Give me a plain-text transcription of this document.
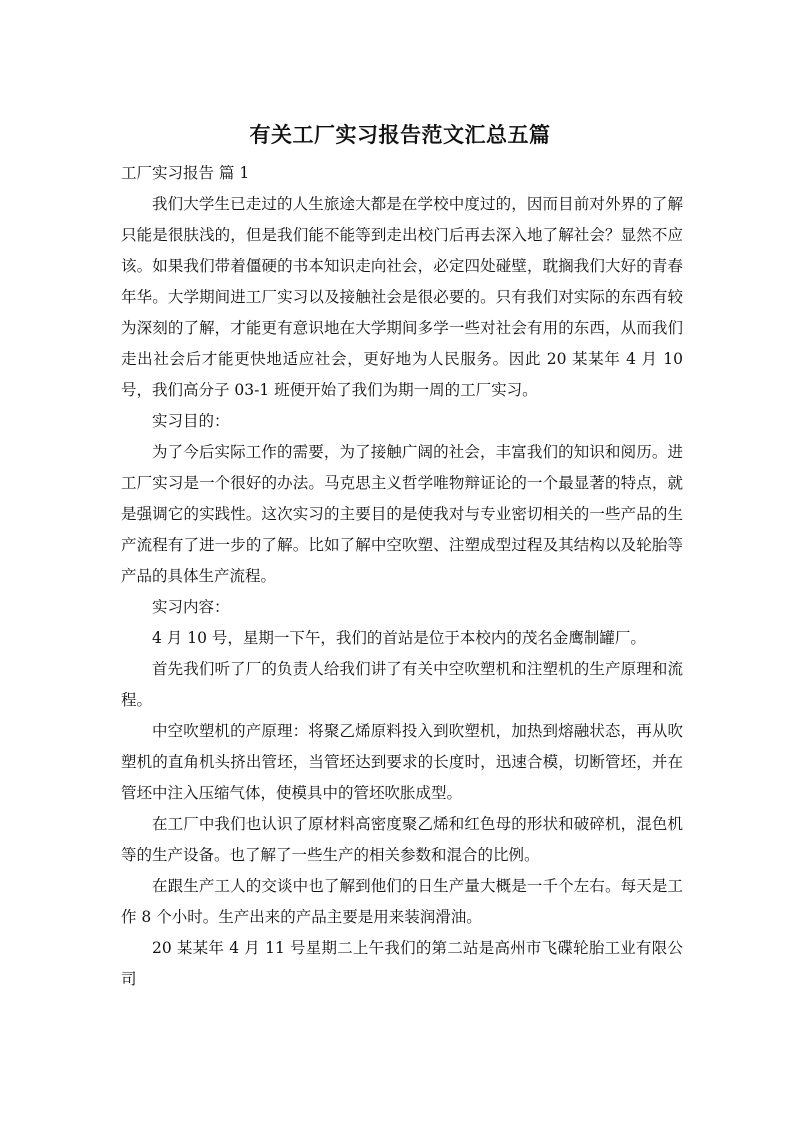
有关工厂实习报告范文汇总五篇

工厂实习报告 篇 1

我们大学生已走过的人生旅途大都是在学校中度过的，因而目前对外界的了解只能是很肤浅的，但是我们能不能等到走出校门后再去深入地了解社会？显然不应该。如果我们带着僵硬的书本知识走向社会，必定四处碰壁，耽搁我们大好的青春年华。大学期间进工厂实习以及接触社会是很必要的。只有我们对实际的东西有较为深刻的了解，才能更有意识地在大学期间多学一些对社会有用的东西，从而我们走出社会后才能更快地适应社会，更好地为人民服务。因此 20 某某年 4 月 10 号，我们高分子 03-1 班便开始了我们为期一周的工厂实习。

实习目的：

为了今后实际工作的需要，为了接触广阔的社会，丰富我们的知识和阅历。进工厂实习是一个很好的办法。马克思主义哲学唯物辩证论的一个最显著的特点，就是强调它的实践性。这次实习的主要目的是使我对与专业密切相关的一些产品的生产流程有了进一步的了解。比如了解中空吹塑、注塑成型过程及其结构以及轮胎等产品的具体生产流程。

实习内容：

4 月 10 号，星期一下午，我们的首站是位于本校内的茂名金鹰制罐厂。

首先我们听了厂的负责人给我们讲了有关中空吹塑机和注塑机的生产原理和流程。

中空吹塑机的产原理：将聚乙烯原料投入到吹塑机，加热到熔融状态，再从吹塑机的直角机头挤出管坯，当管坯达到要求的长度时，迅速合模，切断管坯，并在管坯中注入压缩气体，使模具中的管坯吹胀成型。

在工厂中我们也认识了原材料高密度聚乙烯和红色母的形状和破碎机，混色机等的生产设备。也了解了一些生产的相关参数和混合的比例。

在跟生产工人的交谈中也了解到他们的日生产量大概是一千个左右。每天是工作 8 个小时。生产出来的产品主要是用来装润滑油。

20 某某年 4 月 11 号星期二上午我们的第二站是高州市飞碟轮胎工业有限公司
